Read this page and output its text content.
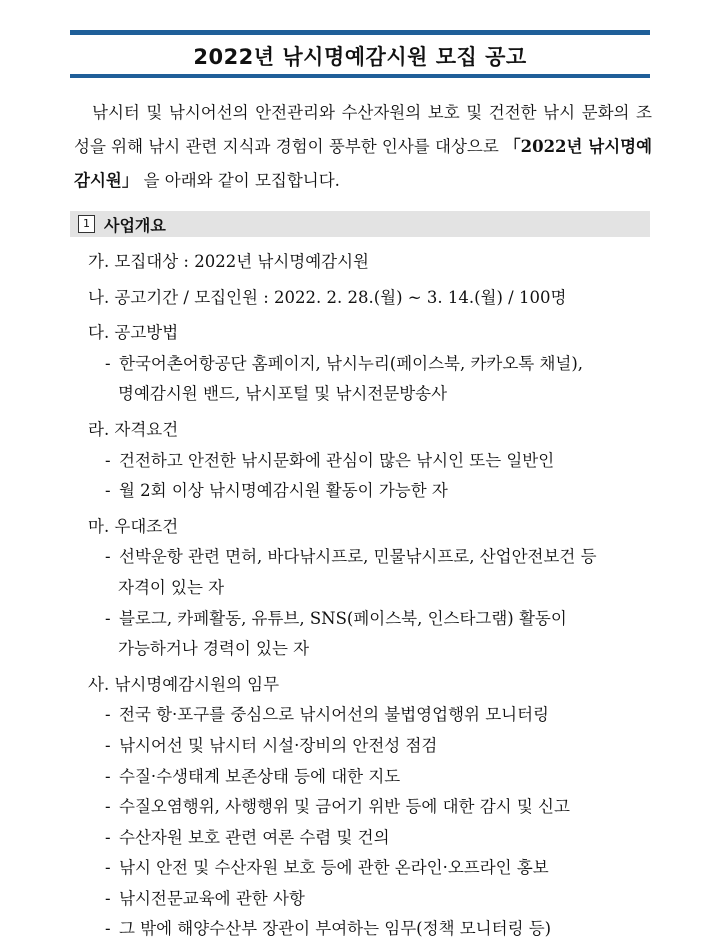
2022년 낚시명예감시원 모집 공고

낚시터 및 낚시어선의 안전관리와 수산자원의 보호 및 건전한 낚시 문화의 조성을 위해 낚시 관련 지식과 경험이 풍부한 인사를 대상으로 「2022년 낚시명예감시원」 을 아래와 같이 모집합니다.

1 사업개요
가. 모집대상 : 2022년 낚시명예감시원
나. 공고기간 / 모집인원 : 2022. 2. 28.(월) ~ 3. 14.(월) / 100명
다. 공고방법
- 한국어촌어항공단 홈페이지, 낚시누리(페이스북, 카카오톡 채널),
명예감시원 밴드, 낚시포털 및 낚시전문방송사
라. 자격요건
- 건전하고 안전한 낚시문화에 관심이 많은 낚시인 또는 일반인
- 월 2회 이상 낚시명예감시원 활동이 가능한 자
마. 우대조건
- 선박운항 관련 면허, 바다낚시프로, 민물낚시프로, 산업안전보건 등
자격이 있는 자
- 블로그, 카페활동, 유튜브, SNS(페이스북, 인스타그램) 활동이
가능하거나 경력이 있는 자
사. 낚시명예감시원의 임무
- 전국 항·포구를 중심으로 낚시어선의 불법영업행위 모니터링
- 낚시어선 및 낚시터 시설·장비의 안전성 점검
- 수질·수생태계 보존상태 등에 대한 지도
- 수질오염행위, 사행행위 및 금어기 위반 등에 대한 감시 및 신고
- 수산자원 보호 관련 여론 수렴 및 건의
- 낚시 안전 및 수산자원 보호 등에 관한 온라인·오프라인 홍보
- 낚시전문교육에 관한 사항
- 그 밖에 해양수산부 장관이 부여하는 임무(정책 모니터링 등)
